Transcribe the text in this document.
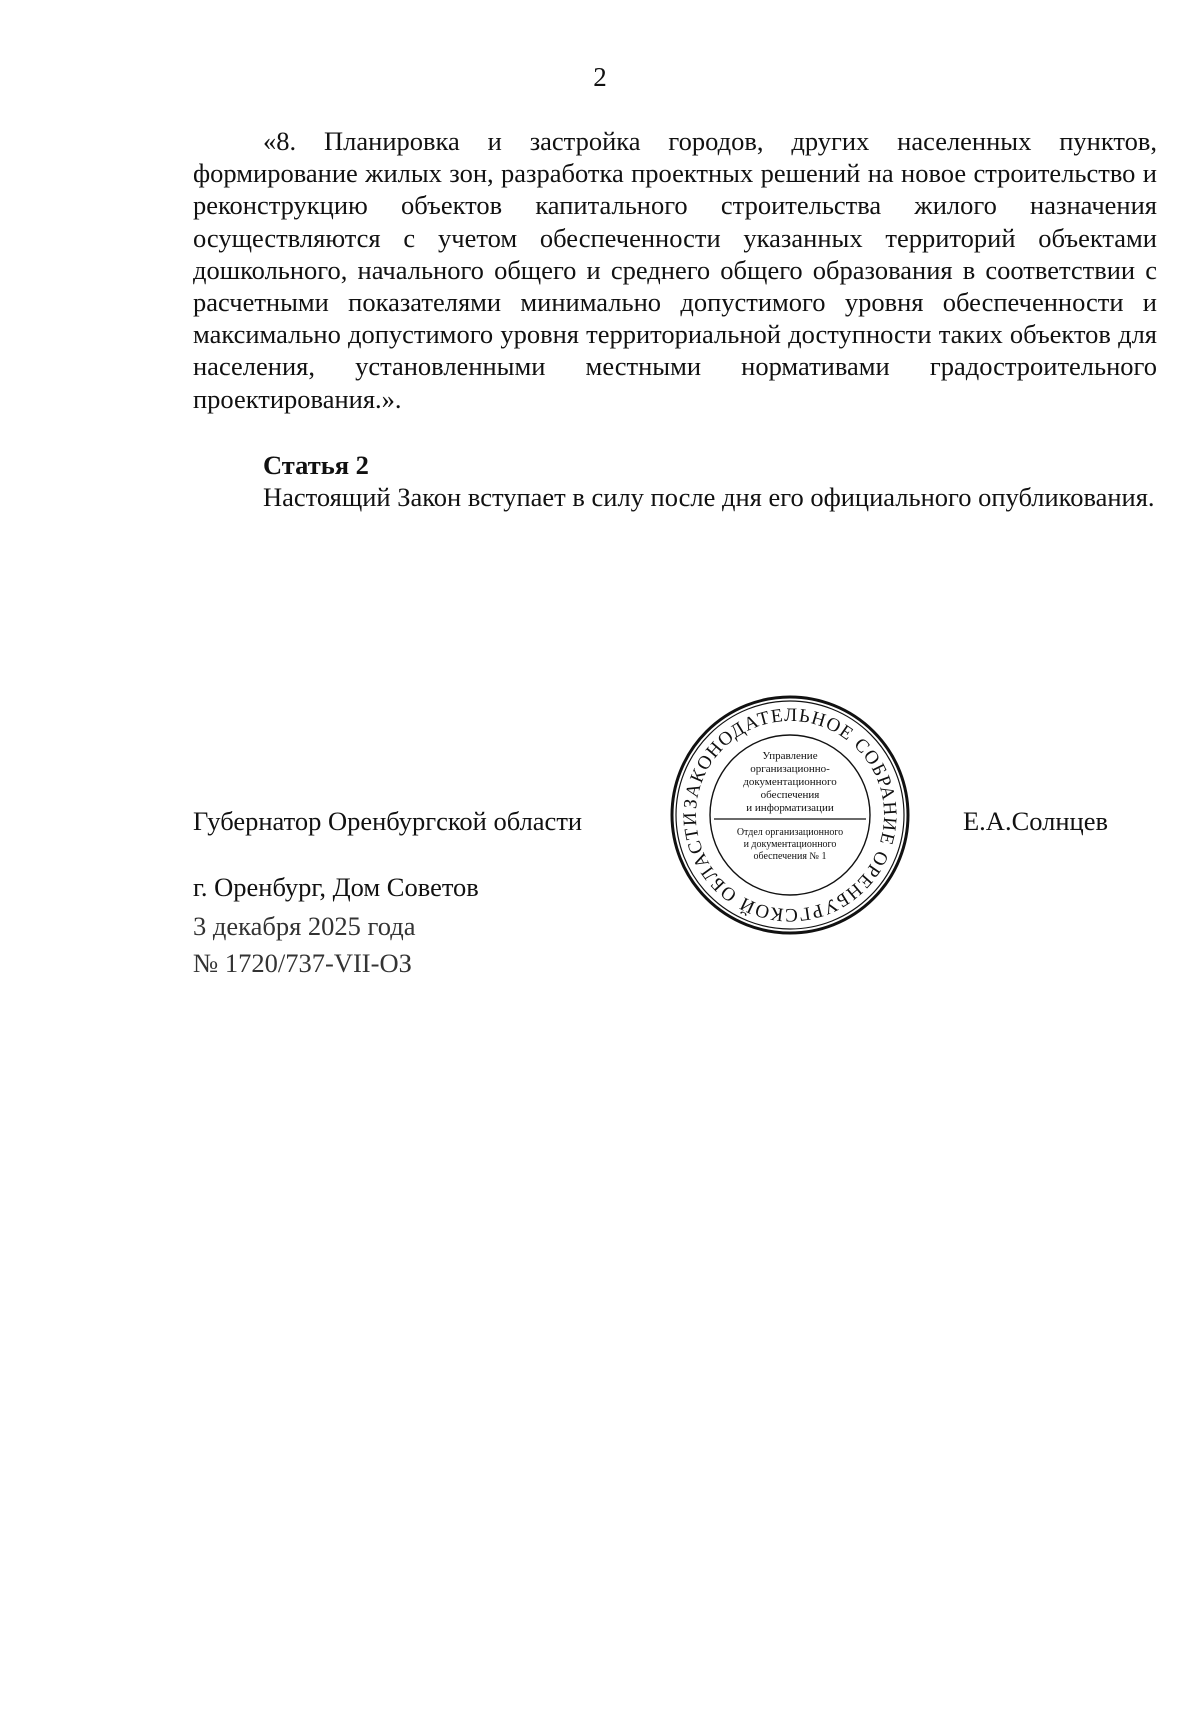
2

«8. Планировка и застройка городов, других населенных пунктов, формирование жилых зон, разработка проектных решений на новое строительство и реконструкцию объектов капитального строительства жилого назначения осуществляются с учетом обеспеченности указанных территорий объектами дошкольного, начального общего и среднего общего образования в соответствии с расчетными показателями минимально допустимого уровня обеспеченности и максимально допустимого уровня территориальной доступности таких объектов для населения, установленными местными нормативами градостроительного проектирования.».

Статья 2

Настоящий Закон вступает в силу после дня его официального опубликования.

Губернатор Оренбургской области
ЗАКОНОДАТЕЛЬНОЕ СОБРАНИЕ ОРЕНБУРГСКОЙ ОБЛАСТИ
Управление
организационно-
документационного
обеспечения
и информатизации
Отдел организационного
и документационного
обеспечения № 1
Е.А.Солнцев
г. Оренбург, Дом Советов
3 декабря 2025 года
№ 1720/737-VII-ОЗ
